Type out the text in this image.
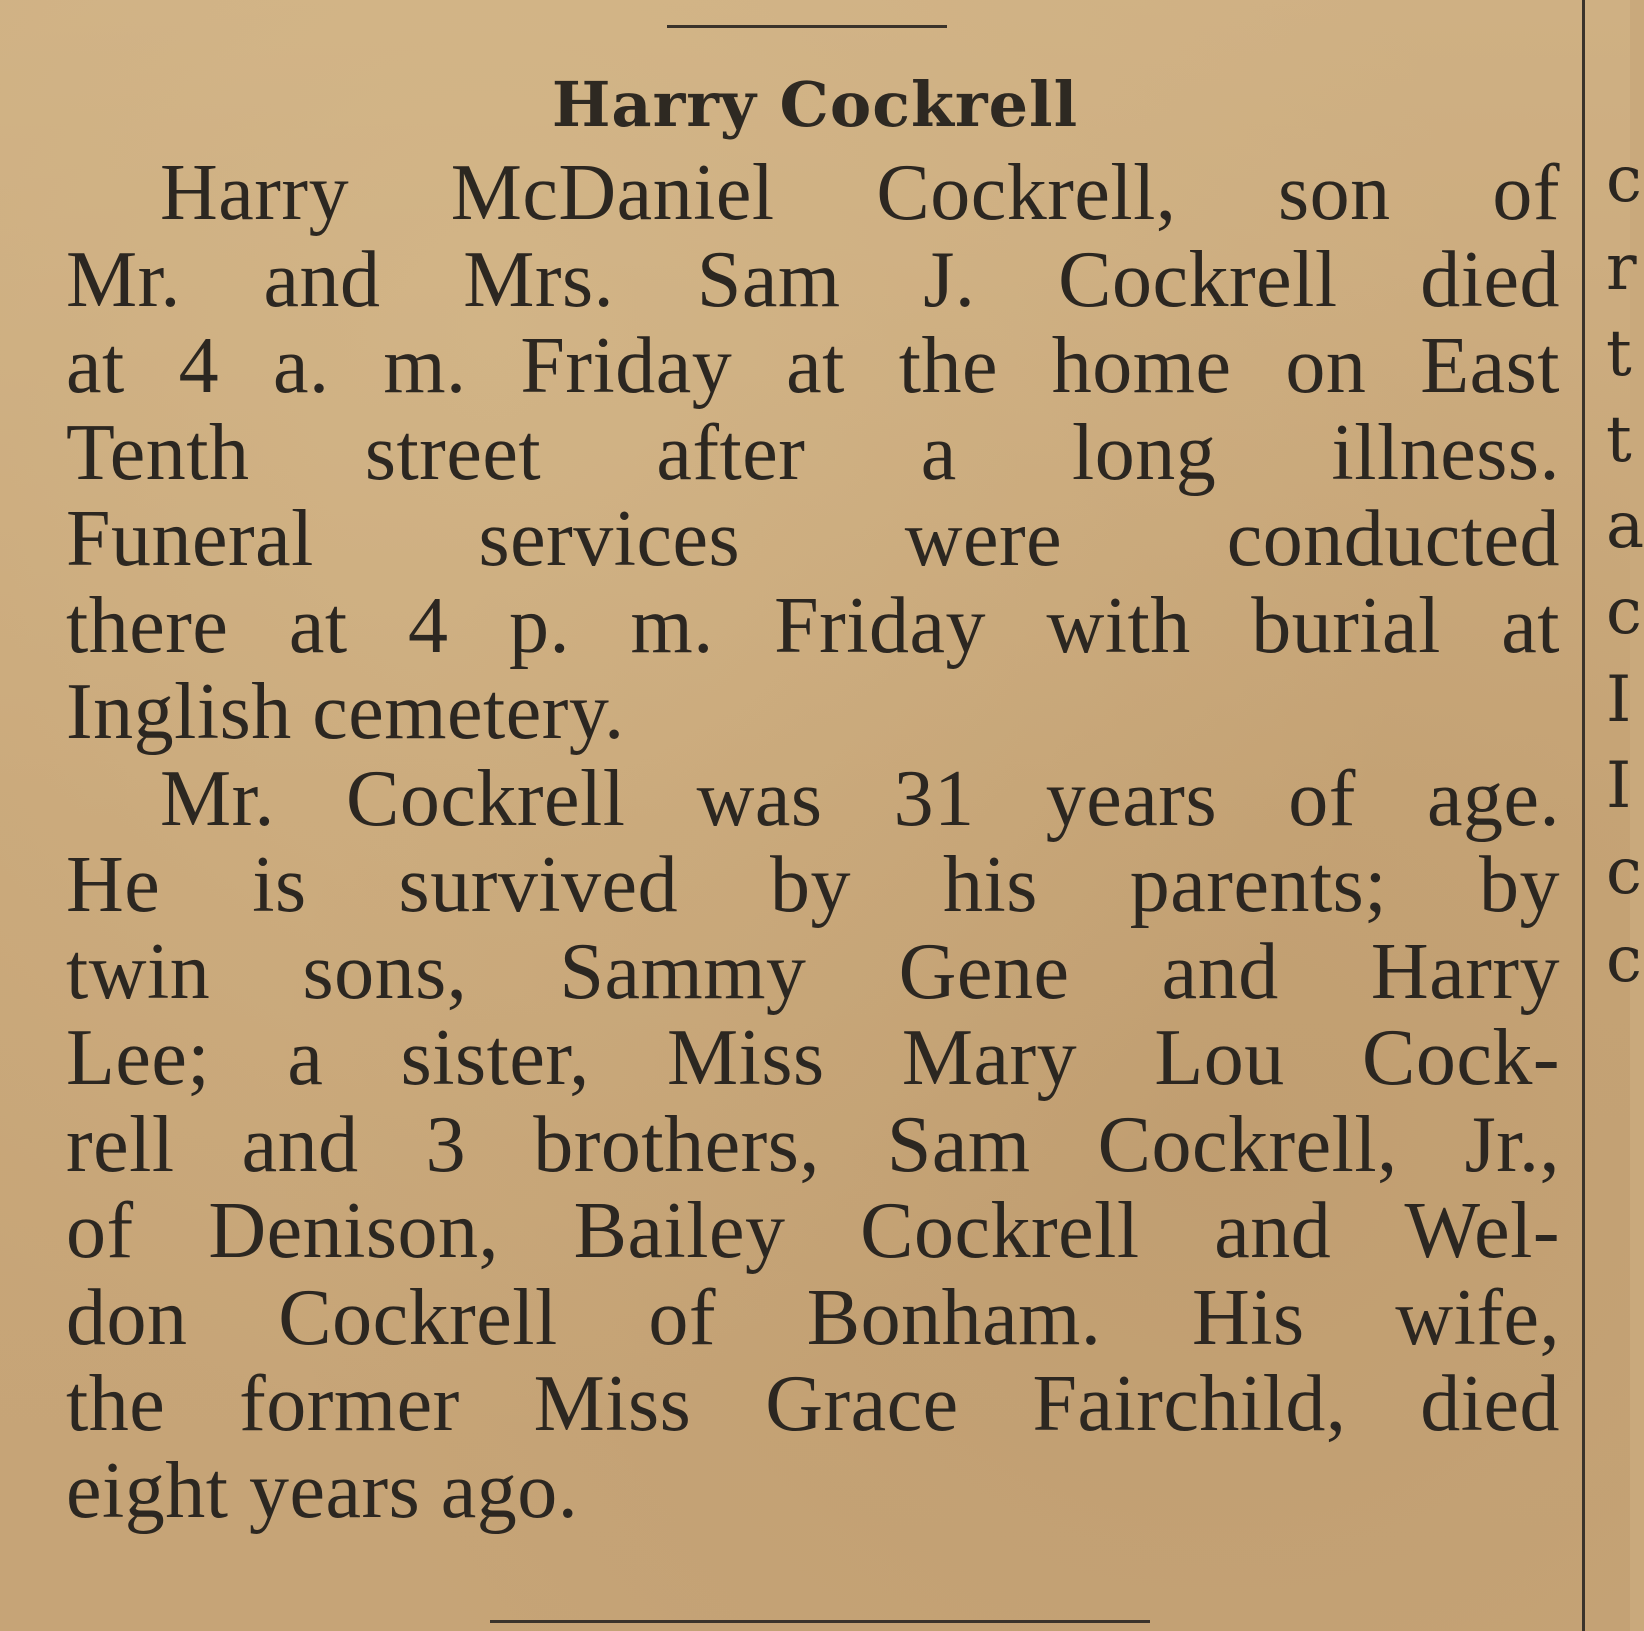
c
r
t
t
a
c
I
I
c
c
Harry Cockrell
Harry McDaniel Cockrell, son of
Mr. and Mrs. Sam J. Cockrell died
at 4 a. m. Friday at the home on East
Tenth street after a long illness.
Funeral services were conducted
there at 4 p. m. Friday with burial at
Inglish cemetery.
Mr. Cockrell was 31 years of age.
He is survived by his parents; by
twin sons, Sammy Gene and Harry
Lee; a sister, Miss Mary Lou Cock-
rell and 3 brothers, Sam Cockrell, Jr.,
of Denison, Bailey Cockrell and Wel-
don Cockrell of Bonham. His wife,
the former Miss Grace Fairchild, died
eight years ago.
